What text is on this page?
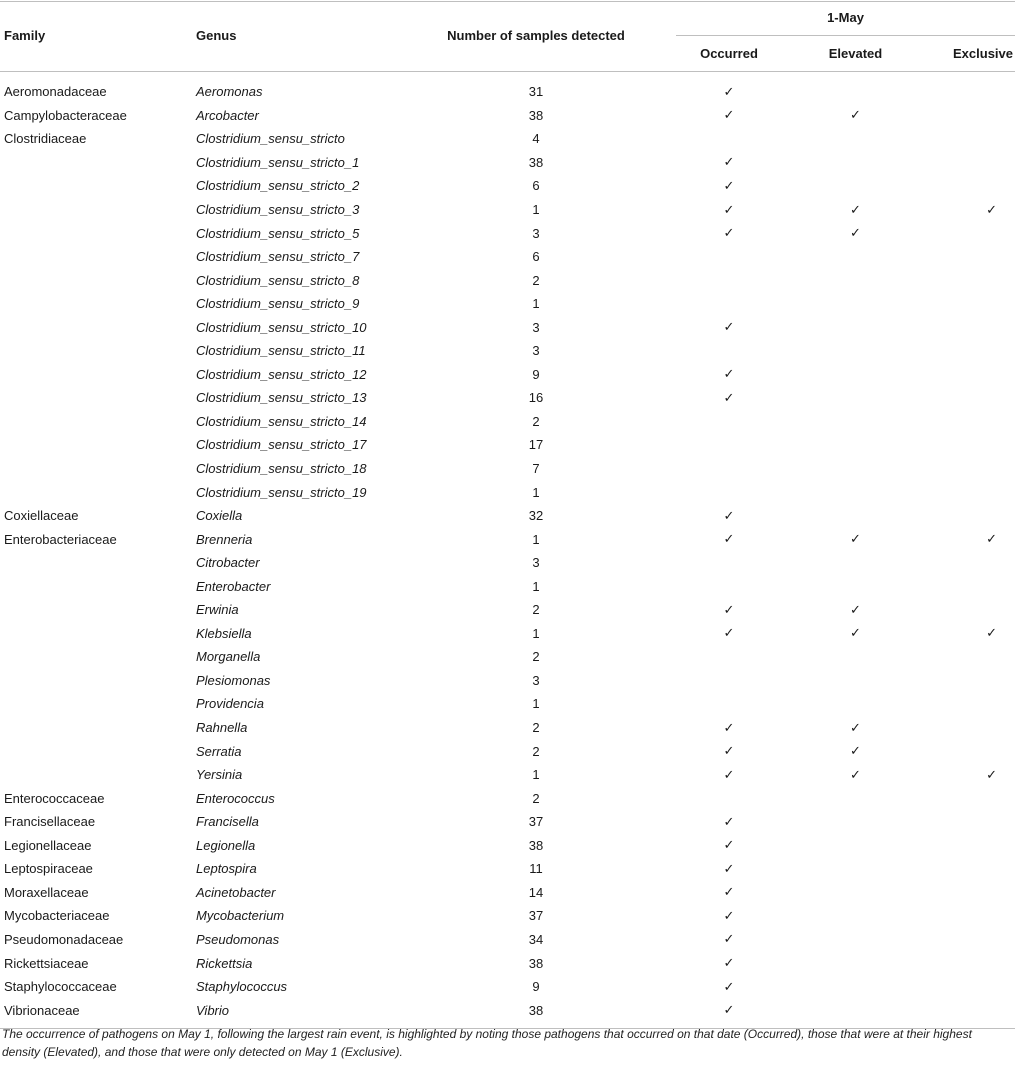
Family	Genus	Number of samples detected	1-May		
			Occurred	Elevated	Exclusive

Aeromonadaceae	Aeromonas	31	✓		
Campylobacteraceae	Arcobacter	38	✓	✓	
Clostridiaceae	Clostridium_sensu_stricto	4			
	Clostridium_sensu_stricto_1	38	✓		
	Clostridium_sensu_stricto_2	6	✓		
	Clostridium_sensu_stricto_3	1	✓	✓	✓
	Clostridium_sensu_stricto_5	3	✓	✓	
	Clostridium_sensu_stricto_7	6			
	Clostridium_sensu_stricto_8	2			
	Clostridium_sensu_stricto_9	1			
	Clostridium_sensu_stricto_10	3	✓		
	Clostridium_sensu_stricto_11	3			
	Clostridium_sensu_stricto_12	9	✓		
	Clostridium_sensu_stricto_13	16	✓		
	Clostridium_sensu_stricto_14	2			
	Clostridium_sensu_stricto_17	17			
	Clostridium_sensu_stricto_18	7			
	Clostridium_sensu_stricto_19	1			
Coxiellaceae	Coxiella	32	✓		
Enterobacteriaceae	Brenneria	1	✓	✓	✓
	Citrobacter	3			
	Enterobacter	1			
	Erwinia	2	✓	✓	
	Klebsiella	1	✓	✓	✓
	Morganella	2			
	Plesiomonas	3			
	Providencia	1			
	Rahnella	2	✓	✓	
	Serratia	2	✓	✓	
	Yersinia	1	✓	✓	✓
Enterococcaceae	Enterococcus	2			
Francisellaceae	Francisella	37	✓		
Legionellaceae	Legionella	38	✓		
Leptospiraceae	Leptospira	11	✓		
Moraxellaceae	Acinetobacter	14	✓		
Mycobacteriaceae	Mycobacterium	37	✓		
Pseudomonadaceae	Pseudomonas	34	✓		
Rickettsiaceae	Rickettsia	38	✓		
Staphylococcaceae	Staphylococcus	9	✓		
Vibrionaceae	Vibrio	38	✓		
The occurrence of pathogens on May 1, following the largest rain event, is highlighted by noting those pathogens that occurred on that date (Occurred), those that were at their highest density (Elevated), and those that were only detected on May 1 (Exclusive).
